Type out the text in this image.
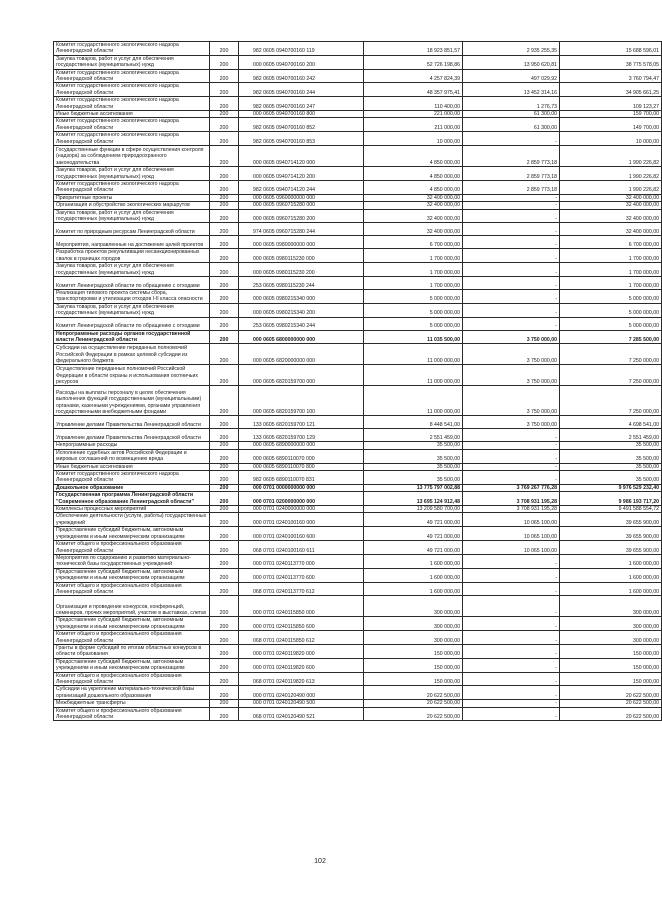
Комитет государственного экологического надзора Ленинградской области	200	982 0605 0940700160 119	18 923 851,57	2 935 255,35	15 688 596,01
Закупка товаров, работ и услуг для обеспечения государственных (муниципальных) нужд	200	000 0605 0940700160 200	52 726 198,86	13 950 620,81	38 775 578,05
Комитет государственного экологического надзора Ленинградской области	200	982 0605 0940700160 242	4 257 824,39	497 029,92	3 760 794,47
Комитет государственного экологического надзора Ленинградской области	200	982 0605 0940700160 244	48 357 975,41	13 452 314,16	34 905 661,25
Комитет государственного экологического надзора Ленинградской области	200	982 0605 0940700160 247	110 400,00	1 276,73	109 123,27
Иные бюджетные ассигнования	200	000 0605 0940700160 800	221 000,00	61 300,00	159 700,00
Комитет государственного экологического надзора Ленинградской области	200	982 0605 0940700160 852	211 000,00	61 300,00	149 700,00
Комитет государственного экологического надзора Ленинградской области	200	982 0605 0940700160 853	10 000,00	-	10 000,00
Государственные функции в сфере осуществления контроля (надзора) за соблюдением природоохранного законодательства	200	000 0605 0940714120 000	4 850 000,00	2 859 773,18	1 990 226,82
Закупка товаров, работ и услуг для обеспечения государственных (муниципальных) нужд	200	000 0605 0940714120 200	4 850 000,00	2 859 773,18	1 990 226,82
Комитет государственного экологического надзора Ленинградской области	200	982 0605 0940714120 244	4 850 000,00	2 859 773,18	1 990 226,82
Приоритетные проекты	200	000 0605 0960000000 000	32 400 000,00	-	32 400 000,00
Организация и обустройство экологических маршрутов	200	000 0605 0960715280 000	32 400 000,00	-	32 400 000,00
Закупка товаров, работ и услуг для обеспечения государственных (муниципальных) нужд	200	000 0605 0960715280 200	32 400 000,00	-	32 400 000,00
Комитет по природным ресурсам Ленинградской области	200	974 0605 0960715280 244	32 400 000,00	-	32 400 000,00
Мероприятия, направленные на достижение целей проектов	200	000 0605 0980000000 000	6 700 000,00	-	6 700 000,00
Разработка проектов рекультивации несанкционированных свалок в границах городов	200	000 0605 0980115230 000	1 700 000,00	-	1 700 000,00
Закупка товаров, работ и услуг для обеспечения государственных (муниципальных) нужд	200	000 0605 0980115230 200	1 700 000,00	-	1 700 000,00
Комитет Ленинградской области по обращению с отходами	200	253 0605 0980115230 244	1 700 000,00	-	1 700 000,00
Реализация типового проекта системы сбора, транспортировки и утилизации отходов I-II класса опасности	200	000 0605 0980215340 000	5 000 000,00	-	5 000 000,00
Закупка товаров, работ и услуг для обеспечения государственных (муниципальных) нужд	200	000 0605 0980215340 200	5 000 000,00	-	5 000 000,00
Комитет Ленинградской области по обращению с отходами	200	253 0605 0980215340 244	5 000 000,00	-	5 000 000,00
Непрограммные расходы органов государственной власти Ленинградской области	200	000 0605 6800000000 000	11 035 500,00	3 750 000,00	7 285 500,00
Субсидии на осуществление переданных полномочий Российской Федерации в рамках целевой субсидии из федерального бюджета	200	000 0605 6820000000 000	11 000 000,00	3 750 000,00	7 250 000,00
Осуществление переданных полномочий Российской Федерации в области охраны и использования охотничьих ресурсов	200	000 0605 6820159700 000	11 000 000,00	3 750 000,00	7 250 000,00
Расходы на выплаты персоналу в целях обеспечения выполнения функций государственными (муниципальными) органами, казенными учреждениями, органами управления государственными внебюджетными фондами	200	000 0605 6820159700 100	11 000 000,00	3 750 000,00	7 250 000,00
Управление делами Правительства Ленинградской области	200	133 0605 6820159700 121	8 448 541,00	3 750 000,00	4 698 541,00
Управление делами Правительства Ленинградской области	200	133 0605 6820159700 129	2 551 459,00	-	2 551 459,00
Непрограммные расходы	200	000 0605 6890000000 000	35 500,00	-	35 500,00
Исполнение судебных актов Российской Федерации и мировых соглашений по возмещению вреда	200	000 0605 6890110070 000	35 500,00	-	35 500,00
Иные бюджетные ассигнования	200	000 0605 6890110070 800	35 500,00	-	35 500,00
Комитет государственного экологического надзора Ленинградской области	200	982 0605 6890110070 831	35 500,00	-	35 500,00
Дошкольное образование	200	000 0701 0000000000 000	13 775 797 002,88	3 769 267 776,28	9 976 529 232,40
Государственная программа Ленинградской области "Современное образование Ленинградской области"	200	000 0701 0200000000 000	13 695 124 912,48	3 708 931 195,28	9 986 193 717,20
Комплексы процессных мероприятий	200	000 0701 0240000000 000	13 209 580 700,00	3 708 931 195,28	9 491 588 554,72
Обеспечение деятельности (услуги, работы) государственных учреждений	200	000 0701 0240100160 000	49 721 000,00	10 065 100,00	39 655 900,00
Предоставление субсидий бюджетным, автономным учреждениям и иным некоммерческим организациям	200	000 0701 0240100160 600	49 721 000,00	10 065 100,00	39 655 900,00
Комитет общего и профессионального образования Ленинградской области	200	068 0701 0240100160 611	49 721 000,00	10 065 100,00	39 655 900,00
Мероприятия по содержанию и развитию материально-технической базы государственных учреждений	200	000 0701 0240113770 000	1 600 000,00	-	1 600 000,00
Предоставление субсидий бюджетным, автономным учреждениям и иным некоммерческим организациям	200	000 0701 0240113770 600	1 600 000,00	-	1 600 000,00
Комитет общего и профессионального образования Ленинградской области	200	068 0701 0240113770 612	1 600 000,00	-	1 600 000,00
Организация и проведение конкурсов, конференций, семинаров, прочих мероприятий, участие в выставках, слетах	200	000 0701 0240115850 000	300 000,00	-	300 000,00
Предоставление субсидий бюджетным, автономным учреждениям и иным некоммерческим организациям	200	000 0701 0240115850 600	300 000,00	-	300 000,00
Комитет общего и профессионального образования Ленинградской области	200	068 0701 0240115850 612	300 000,00	-	300 000,00
Гранты в форме субсидий по итогам областных конкурсов в области образования	200	000 0701 0240119820 000	150 000,00	-	150 000,00
Предоставление субсидий бюджетным, автономным учреждениям и иным некоммерческим организациям	200	000 0701 0240119820 600	150 000,00	-	150 000,00
Комитет общего и профессионального образования Ленинградской области	200	068 0701 0240119820 613	150 000,00	-	150 000,00
Субсидии на укрепление материально-технической базы организаций дошкольного образования	200	000 0701 0240120490 000	20 622 500,00	-	20 622 500,00
Межбюджетные трансферты	200	000 0701 0240120490 500	20 622 500,00	-	20 622 500,00
Комитет общего и профессионального образования Ленинградской области	200	068 0701 0240120490 521	20 622 500,00	-	20 622 500,00
102
